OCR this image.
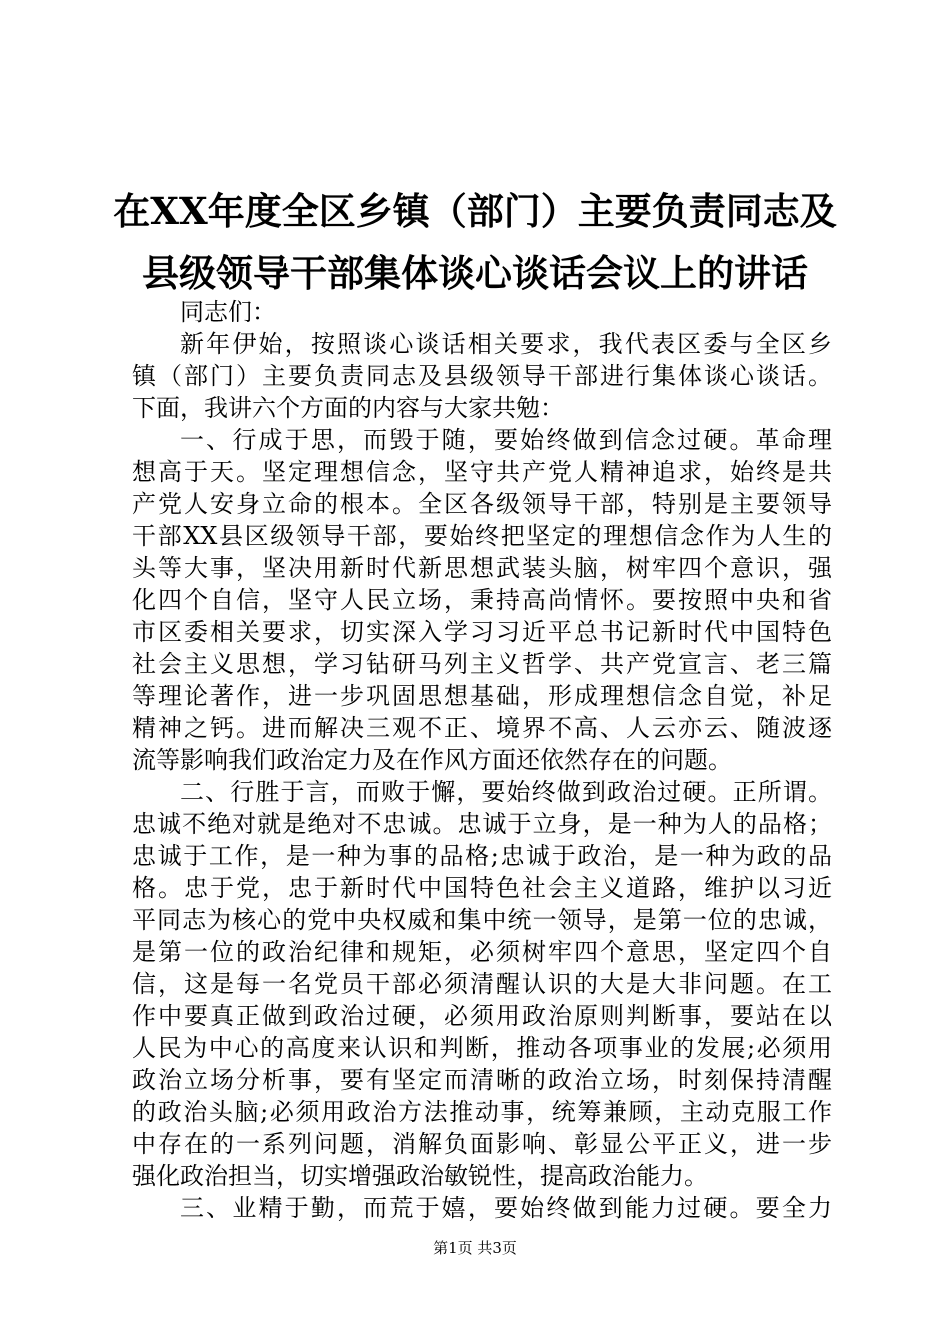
在XX年度全区乡镇（部门）主要负责同志及
县级领导干部集体谈心谈话会议上的讲话
同志们：
新年伊始，按照谈心谈话相关要求，我代表区委与全区乡
镇（部门）主要负责同志及县级领导干部进行集体谈心谈话。
下面，我讲六个方面的内容与大家共勉：
一、行成于思，而毁于随，要始终做到信念过硬。革命理
想高于天。坚定理想信念，坚守共产党人精神追求，始终是共
产党人安身立命的根本。全区各级领导干部，特别是主要领导
干部XX县区级领导干部，要始终把坚定的理想信念作为人生的
头等大事，坚决用新时代新思想武装头脑，树牢四个意识，强
化四个自信，坚守人民立场，秉持高尚情怀。要按照中央和省
市区委相关要求，切实深入学习习近平总书记新时代中国特色
社会主义思想，学习钻研马列主义哲学、共产党宣言、老三篇
等理论著作，进一步巩固思想基础，形成理想信念自觉，补足
精神之钙。进而解决三观不正、境界不高、人云亦云、随波逐
流等影响我们政治定力及在作风方面还依然存在的问题。
二、行胜于言，而败于懈，要始终做到政治过硬。正所谓。
忠诚不绝对就是绝对不忠诚。忠诚于立身，是一种为人的品格；
忠诚于工作，是一种为事的品格;忠诚于政治，是一种为政的品
格。忠于党，忠于新时代中国特色社会主义道路，维护以习近
平同志为核心的党中央权威和集中统一领导，是第一位的忠诚，
是第一位的政治纪律和规矩，必须树牢四个意思，坚定四个自
信，这是每一名党员干部必须清醒认识的大是大非问题。在工
作中要真正做到政治过硬，必须用政治原则判断事，要站在以
人民为中心的高度来认识和判断，推动各项事业的发展;必须用
政治立场分析事，要有坚定而清晰的政治立场，时刻保持清醒
的政治头脑;必须用政治方法推动事，统筹兼顾，主动克服工作
中存在的一系列问题，消解负面影响、彰显公平正义，进一步
强化政治担当，切实增强政治敏锐性，提高政治能力。
三、业精于勤，而荒于嬉，要始终做到能力过硬。要全力
第1页 共3页
